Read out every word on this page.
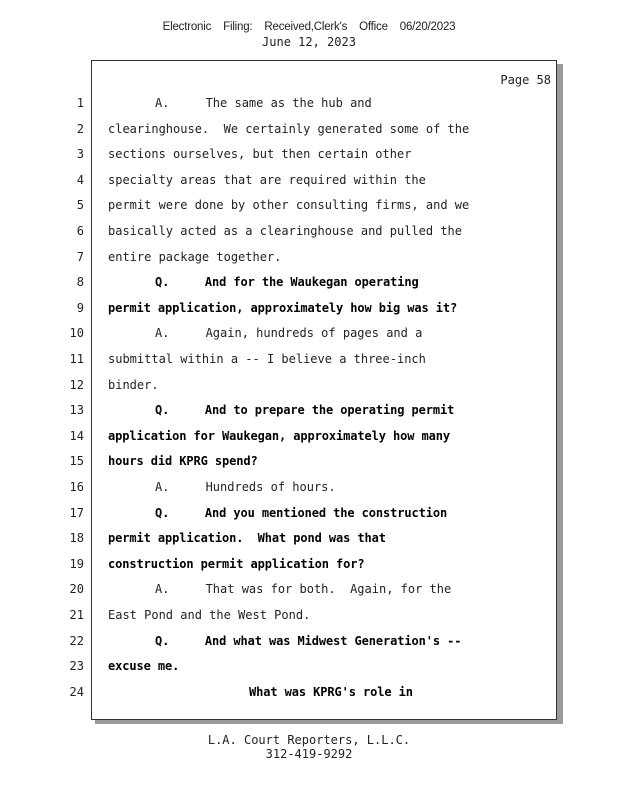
Electronic Filing: Received,Clerk's Office 06/20/2023
June 12, 2023
Page 58
1	A.     The same as the hub and
2 clearinghouse.  We certainly generated some of the
3 sections ourselves, but then certain other
4 specialty areas that are required within the
5 permit were done by other consulting firms, and we
6 basically acted as a clearinghouse and pulled the
7 entire package together.
8	Q.     And for the Waukegan operating
9 permit application, approximately how big was it?
10	A.     Again, hundreds of pages and a
11 submittal within a -- I believe a three-inch
12 binder.
13	Q.     And to prepare the operating permit
14 application for Waukegan, approximately how many
15 hours did KPRG spend?
16	A.     Hundreds of hours.
17	Q.     And you mentioned the construction
18 permit application.  What pond was that
19 construction permit application for?
20	A.     That was for both.  Again, for the
21 East Pond and the West Pond.
22	Q.     And what was Midwest Generation's --
23 excuse me.
24	What was KPRG's role in
L.A. Court Reporters, L.L.C.
312-419-9292
